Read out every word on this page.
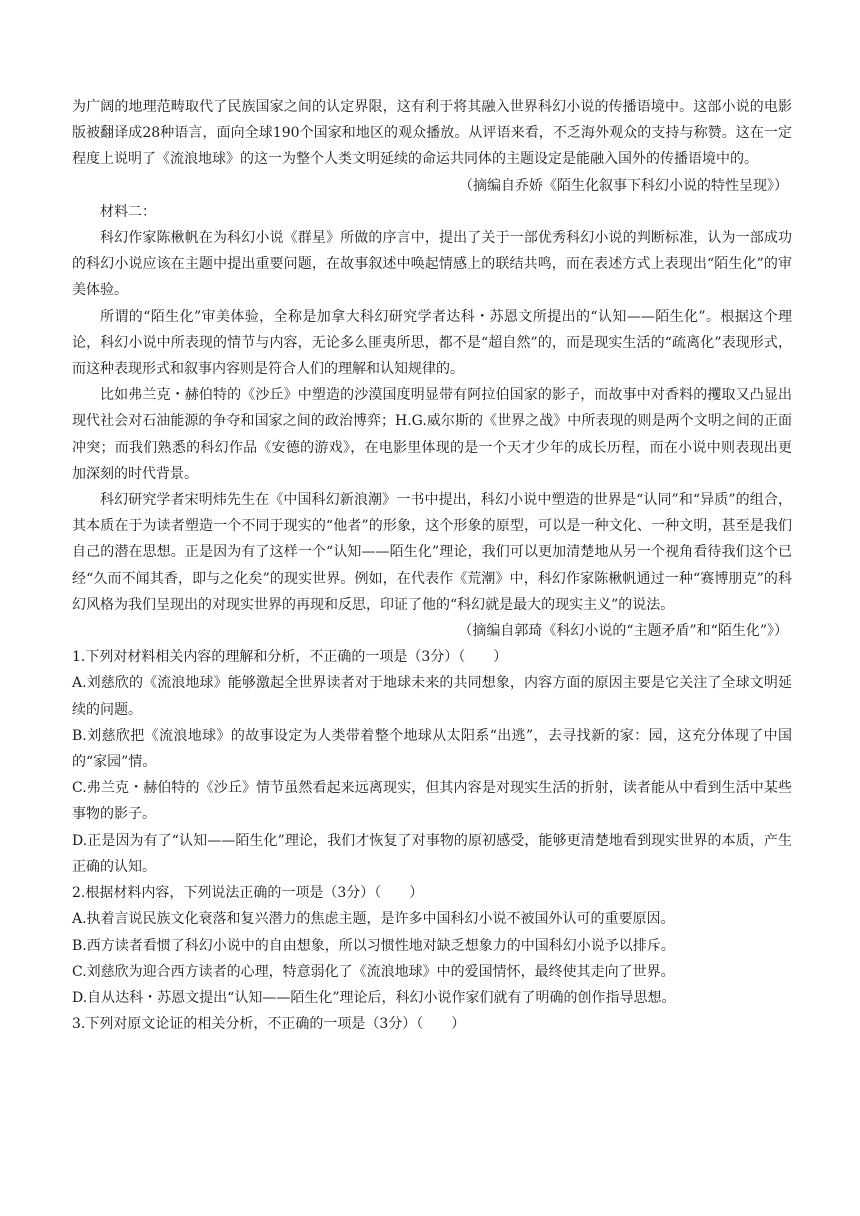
为广阔的地理范畴取代了民族国家之间的认定界限，这有利于将其融入世界科幻小说的传播语境中。这部小说的电影版被翻译成28种语言，面向全球190个国家和地区的观众播放。从评语来看，不乏海外观众的支持与称赞。这在一定程度上说明了《流浪地球》的这一为整个人类文明延续的命运共同体的主题设定是能融入国外的传播语境中的。

（摘编自乔娇《陌生化叙事下科幻小说的特性呈现》）

材料二：

科幻作家陈楸帆在为科幻小说《群星》所做的序言中，提出了关于一部优秀科幻小说的判断标准，认为一部成功的科幻小说应该在主题中提出重要问题，在故事叙述中唤起情感上的联结共鸣，而在表述方式上表现出“陌生化”的审美体验。

所谓的“陌生化”审美体验，全称是加拿大科幻研究学者达科・苏恩文所提出的“认知——陌生化”。根据这个理论，科幻小说中所表现的情节与内容，无论多么匪夷所思，都不是“超自然”的，而是现实生活的“疏离化”表现形式，而这种表现形式和叙事内容则是符合人们的理解和认知规律的。

比如弗兰克・赫伯特的《沙丘》中塑造的沙漠国度明显带有阿拉伯国家的影子，而故事中对香料的攫取又凸显出现代社会对石油能源的争夺和国家之间的政治博弈；H.G.威尔斯的《世界之战》中所表现的则是两个文明之间的正面冲突；而我们熟悉的科幻作品《安德的游戏》，在电影里体现的是一个天才少年的成长历程，而在小说中则表现出更加深刻的时代背景。

科幻研究学者宋明炜先生在《中国科幻新浪潮》一书中提出，科幻小说中塑造的世界是“认同”和“异质”的组合，其本质在于为读者塑造一个不同于现实的“他者”的形象，这个形象的原型，可以是一种文化、一种文明，甚至是我们自己的潜在思想。正是因为有了这样一个“认知——陌生化”理论，我们可以更加清楚地从另一个视角看待我们这个已经“久而不闻其香，即与之化矣”的现实世界。例如，在代表作《荒潮》中，科幻作家陈楸帆通过一种“赛博朋克”的科幻风格为我们呈现出的对现实世界的再现和反思，印证了他的“科幻就是最大的现实主义”的说法。

（摘编自郭琦《科幻小说的“主题矛盾”和“陌生化”》）

1.下列对材料相关内容的理解和分析，不正确的一项是（3分）（　　）

A.刘慈欣的《流浪地球》能够激起全世界读者对于地球未来的共同想象，内容方面的原因主要是它关注了全球文明延续的问题。

B.刘慈欣把《流浪地球》的故事设定为人类带着整个地球从太阳系“出逃”，去寻找新的家：园，这充分体现了中国的“家园”情。

C.弗兰克・赫伯特的《沙丘》情节虽然看起来远离现实，但其内容是对现实生活的折射，读者能从中看到生活中某些事物的影子。

D.正是因为有了“认知——陌生化”理论，我们才恢复了对事物的原初感受，能够更清楚地看到现实世界的本质，产生正确的认知。

2.根据材料内容，下列说法正确的一项是（3分）（　　）

A.执着言说民族文化衰落和复兴潜力的焦虑主题，是许多中国科幻小说不被国外认可的重要原因。

B.西方读者看惯了科幻小说中的自由想象，所以习惯性地对缺乏想象力的中国科幻小说予以排斥。

C.刘慈欣为迎合西方读者的心理，特意弱化了《流浪地球》中的爱国情怀，最终使其走向了世界。

D.自从达科・苏恩文提出“认知——陌生化”理论后，科幻小说作家们就有了明确的创作指导思想。

3.下列对原文论证的相关分析，不正确的一项是（3分）（　　）
